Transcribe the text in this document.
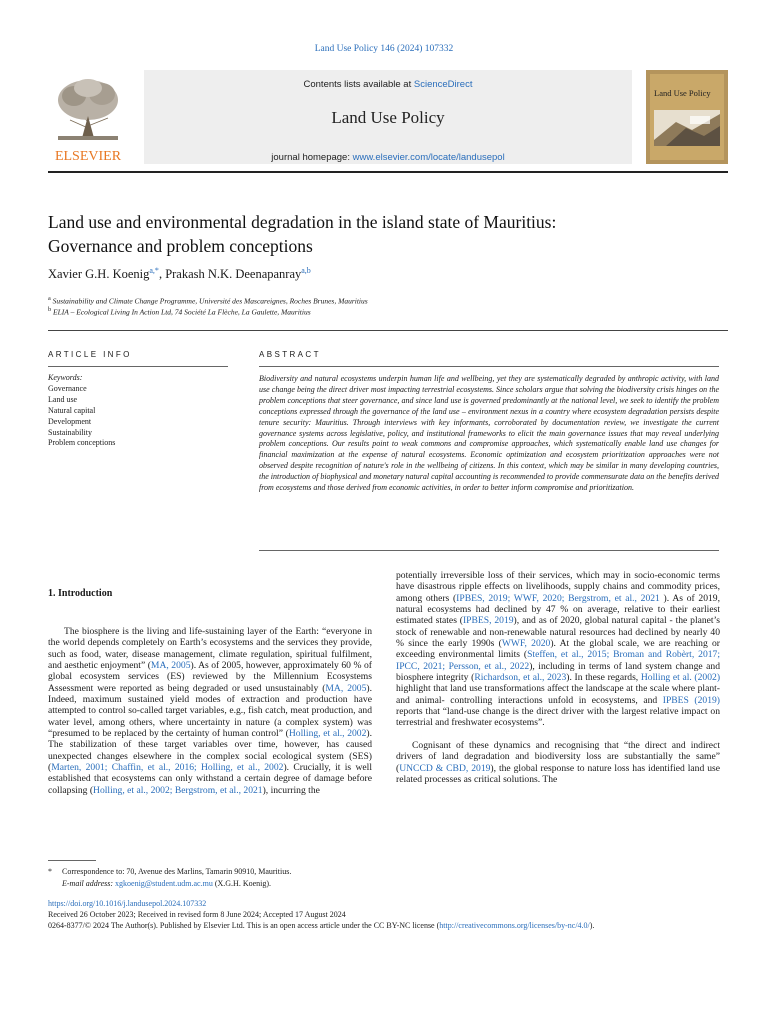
Land Use Policy 146 (2024) 107332
ELSEVIER
Contents lists available at ScienceDirect
Land Use Policy
journal homepage: www.elsevier.com/locate/landusepol
Land Use Policy
Land use and environmental degradation in the island state of Mauritius:
Governance and problem conceptions
Xavier G.H. Koenig$^{a,*}$, Prakash N.K. Deenapanray$^{a,b}$
$^a$ Sustainability and Climate Change Programme, Université des Mascareignes, Roches Brunes, Mauritius
$^b$ ELIA – Ecological Living In Action Ltd, 74 Société La Flèche, La Gaulette, Mauritius
ARTICLE INFO	ABSTRACT
Keywords:
Governance
Land use
Natural capital
Development
Sustainability
Problem conceptions
Biodiversity and natural ecosystems underpin human life and wellbeing, yet they are systematically degraded by anthropic activity, with land use change being the direct driver most impacting terrestrial ecosystems. Since scholars argue that solving the biodiversity crisis hinges on the problem conceptions that steer governance, and since land use is governed predominantly at the national level, we seek to identify the problem conceptions expressed through the governance of the land use – environment nexus in a country where ecosystem degradation persists despite tenure security: Mauritius. Through interviews with key informants, corroborated by documentation review, we investigate the current governance systems across legislative, policy, and institutional frameworks to elicit the main governance issues that may reveal underlying problem conceptions. Our results point to weak commons and compromise approaches, which systematically enable land use changes for financial maximization at the expense of natural ecosystems. Economic optimization and ecosystem prioritization approaches were not observed despite recognition of nature's role in the wellbeing of citizens. In this context, which may be similar in many developing countries, the introduction of biophysical and monetary natural capital accounting is recommended to provide commensurate data on the benefits derived from ecosystems and those derived from economic activities, in order to better inform compromise and prioritization.
1. Introduction

The biosphere is the living and life-sustaining layer of the Earth: “everyone in the world depends completely on Earth’s ecosystems and the services they provide, such as food, water, disease management, climate regulation, spiritual fulfilment, and aesthetic enjoyment” (MA, 2005). As of 2005, however, approximately 60 % of global ecosystem services (ES) reviewed by the Millennium Ecosystems Assessment were reported as being degraded or used unsustainably (MA, 2005). Indeed, maximum sustained yield modes of extraction and production have attempted to control so-called target variables, e.g., fish catch, meat production, and water level, among others, where uncertainty in nature (a complex system) was “presumed to be replaced by the certainty of human control” (Holling, et al., 2002). The stabilization of these target variables over time, however, has caused unexpected changes elsewhere in the complex social ecological system (SES) (Marten, 2001; Chaffin, et al., 2016; Holling, et al., 2002). Crucially, it is well established that ecosystems can only withstand a certain degree of damage before collapsing (Holling, et al., 2002; Bergstrom, et al., 2021), incurring the

potentially irreversible loss of their services, which may in socio-economic terms have disastrous ripple effects on livelihoods, supply chains and commodity prices, among others (IPBES, 2019; WWF, 2020; Bergstrom, et al., 2021 ). As of 2019, natural ecosystems had declined by 47 % on average, relative to their earliest estimated states (IPBES, 2019), and as of 2020, global natural capital - the planet’s stock of renewable and non-renewable natural resources had declined by nearly 40 % since the early 1990s (WWF, 2020). At the global scale, we are reaching or exceeding environmental limits (Steffen, et al., 2015; Broman and Robèrt, 2017; IPCC, 2021; Persson, et al., 2022), including in terms of land system change and biosphere integrity (Richardson, et al., 2023). In these regards, Holling et al. (2002) highlight that land use transformations affect the landscape at the scale where plant- and animal- controlling interactions unfold in ecosystems, and IPBES (2019) reports that “land-use change is the direct driver with the largest relative impact on terrestrial and freshwater ecosystems”.

Cognisant of these dynamics and recognising that “the direct and indirect drivers of land degradation and biodiversity loss are substantially the same” (UNCCD & CBD, 2019), the global response to nature loss has identified land use related processes as critical solutions. The

* Correspondence to: 70, Avenue des Marlins, Tamarin 90910, Mauritius.
E-mail address: xgkoenig@student.udm.ac.mu (X.G.H. Koenig).
https://doi.org/10.1016/j.landusepol.2024.107332
Received 26 October 2023; Received in revised form 8 June 2024; Accepted 17 August 2024
0264-8377/© 2024 The Author(s). Published by Elsevier Ltd. This is an open access article under the CC BY-NC license (http://creativecommons.org/licenses/by-nc/4.0/).
